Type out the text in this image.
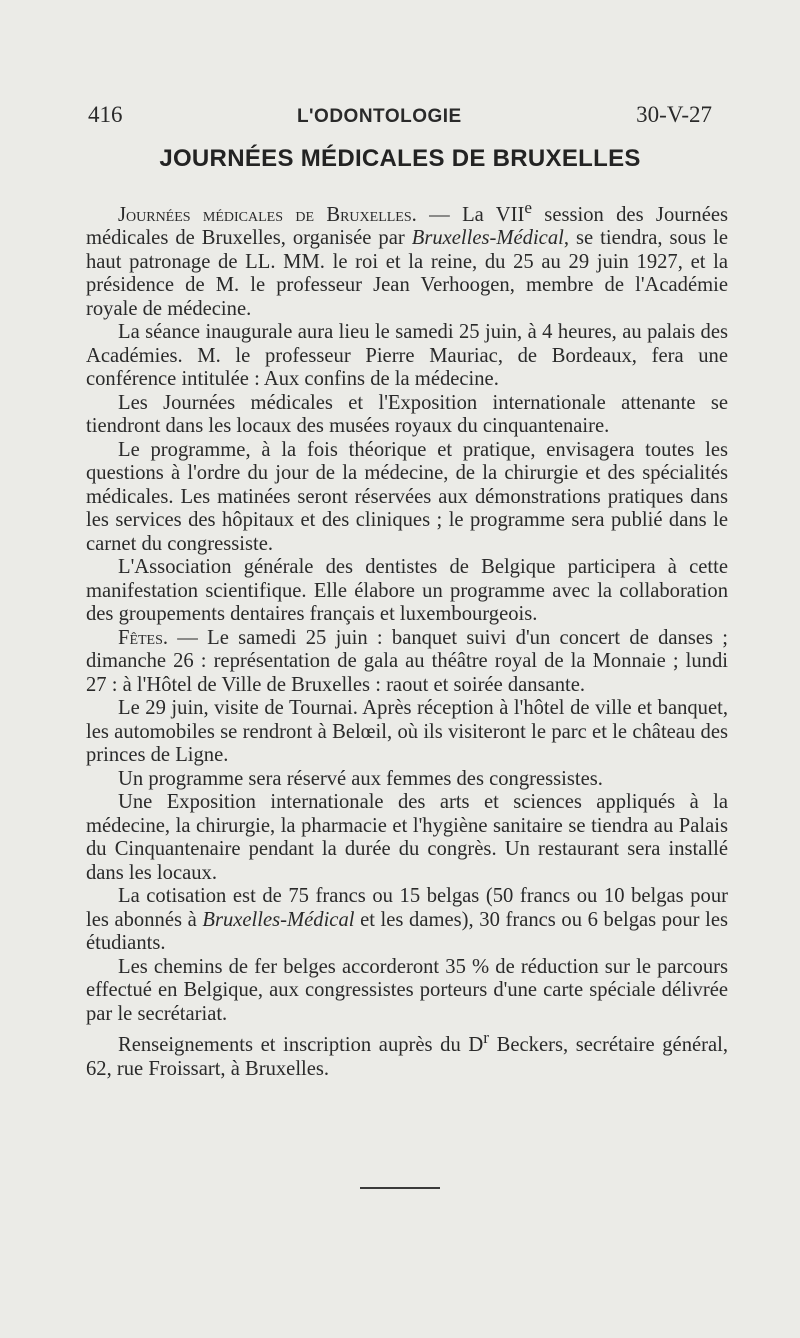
416	L'ODONTOLOGIE	30-V-27
JOURNÉES MÉDICALES DE BRUXELLES

Journées médicales de Bruxelles. — La VIIe session des Journées médicales de Bruxelles, organisée par Bruxelles-Médical, se tiendra, sous le haut patronage de LL. MM. le roi et la reine, du 25 au 29 juin 1927, et la présidence de M. le professeur Jean Verhoogen, membre de l'Académie royale de médecine.

La séance inaugurale aura lieu le samedi 25 juin, à 4 heures, au palais des Académies. M. le professeur Pierre Mauriac, de Bordeaux, fera une conférence intitulée : Aux confins de la médecine.

Les Journées médicales et l'Exposition internationale attenante se tiendront dans les locaux des musées royaux du cinquantenaire.

Le programme, à la fois théorique et pratique, envisagera toutes les questions à l'ordre du jour de la médecine, de la chirurgie et des spécialités médicales. Les matinées seront réservées aux démonstrations pratiques dans les services des hôpitaux et des cliniques ; le programme sera publié dans le carnet du congressiste.

L'Association générale des dentistes de Belgique participera à cette manifestation scientifique. Elle élabore un programme avec la collaboration des groupements dentaires français et luxembourgeois.

Fêtes. — Le samedi 25 juin : banquet suivi d'un concert de danses ; dimanche 26 : représentation de gala au théâtre royal de la Monnaie ; lundi 27 : à l'Hôtel de Ville de Bruxelles : raout et soirée dansante.

Le 29 juin, visite de Tournai. Après réception à l'hôtel de ville et banquet, les automobiles se rendront à Belœil, où ils visiteront le parc et le château des princes de Ligne.

Un programme sera réservé aux femmes des congressistes.

Une Exposition internationale des arts et sciences appliqués à la médecine, la chirurgie, la pharmacie et l'hygiène sanitaire se tiendra au Palais du Cinquantenaire pendant la durée du congrès. Un restaurant sera installé dans les locaux.

La cotisation est de 75 francs ou 15 belgas (50 francs ou 10 belgas pour les abonnés à Bruxelles-Médical et les dames), 30 francs ou 6 belgas pour les étudiants.

Les chemins de fer belges accorderont 35 % de réduction sur le parcours effectué en Belgique, aux congressistes porteurs d'une carte spéciale délivrée par le secrétariat.

Renseignements et inscription auprès du $D^r$ Beckers, secrétaire général, 62, rue Froissart, à Bruxelles.
